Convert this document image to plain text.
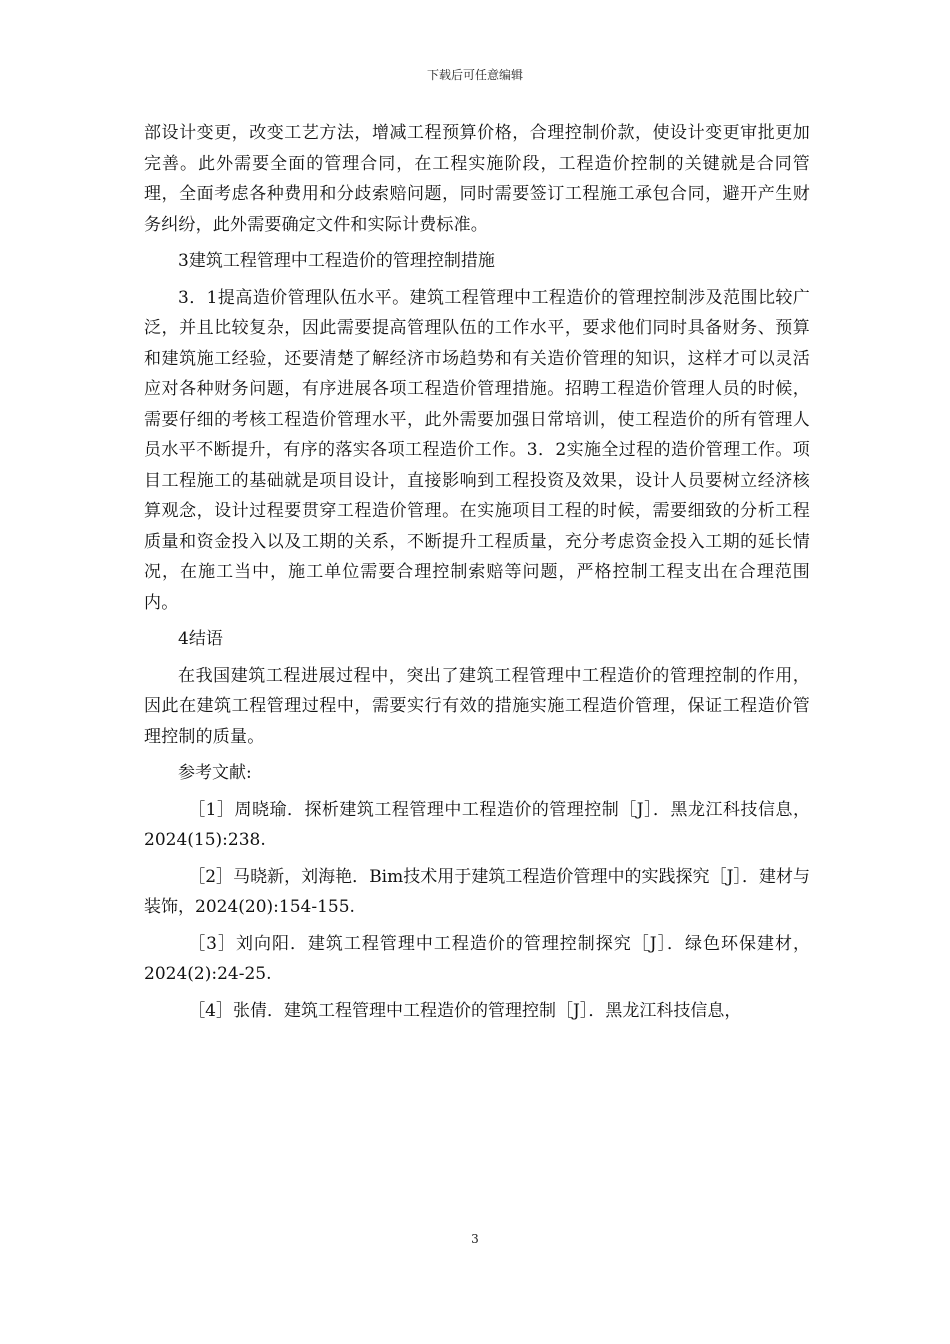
下载后可任意编辑

部设计变更，改变工艺方法，增减工程预算价格，合理控制价款，使设计变更审批更加完善。此外需要全面的管理合同，在工程实施阶段，工程造价控制的关键就是合同管理，全面考虑各种费用和分歧索赔问题，同时需要签订工程施工承包合同，避开产生财务纠纷，此外需要确定文件和实际计费标准。

3建筑工程管理中工程造价的管理控制措施

3．1提高造价管理队伍水平。建筑工程管理中工程造价的管理控制涉及范围比较广泛，并且比较复杂，因此需要提高管理队伍的工作水平，要求他们同时具备财务、预算和建筑施工经验，还要清楚了解经济市场趋势和有关造价管理的知识，这样才可以灵活应对各种财务问题，有序进展各项工程造价管理措施。招聘工程造价管理人员的时候，需要仔细的考核工程造价管理水平，此外需要加强日常培训，使工程造价的所有管理人员水平不断提升，有序的落实各项工程造价工作。3．2实施全过程的造价管理工作。项目工程施工的基础就是项目设计，直接影响到工程投资及效果，设计人员要树立经济核算观念，设计过程要贯穿工程造价管理。在实施项目工程的时候，需要细致的分析工程质量和资金投入以及工期的关系，不断提升工程质量，充分考虑资金投入工期的延长情况，在施工当中，施工单位需要合理控制索赔等问题，严格控制工程支出在合理范围内。

4结语

在我国建筑工程进展过程中，突出了建筑工程管理中工程造价的管理控制的作用，因此在建筑工程管理过程中，需要实行有效的措施实施工程造价管理，保证工程造价管理控制的质量。

参考文献:

［1］周晓瑜．探析建筑工程管理中工程造价的管理控制［J］．黑龙江科技信息，2024(15):238.

［2］马晓新，刘海艳．Bim技术用于建筑工程造价管理中的实践探究［J］．建材与装饰，2024(20):154-155.

［3］刘向阳．建筑工程管理中工程造价的管理控制探究［J］．绿色环保建材，2024(2):24-25.

［4］张倩．建筑工程管理中工程造价的管理控制［J］．黑龙江科技信息，

3
